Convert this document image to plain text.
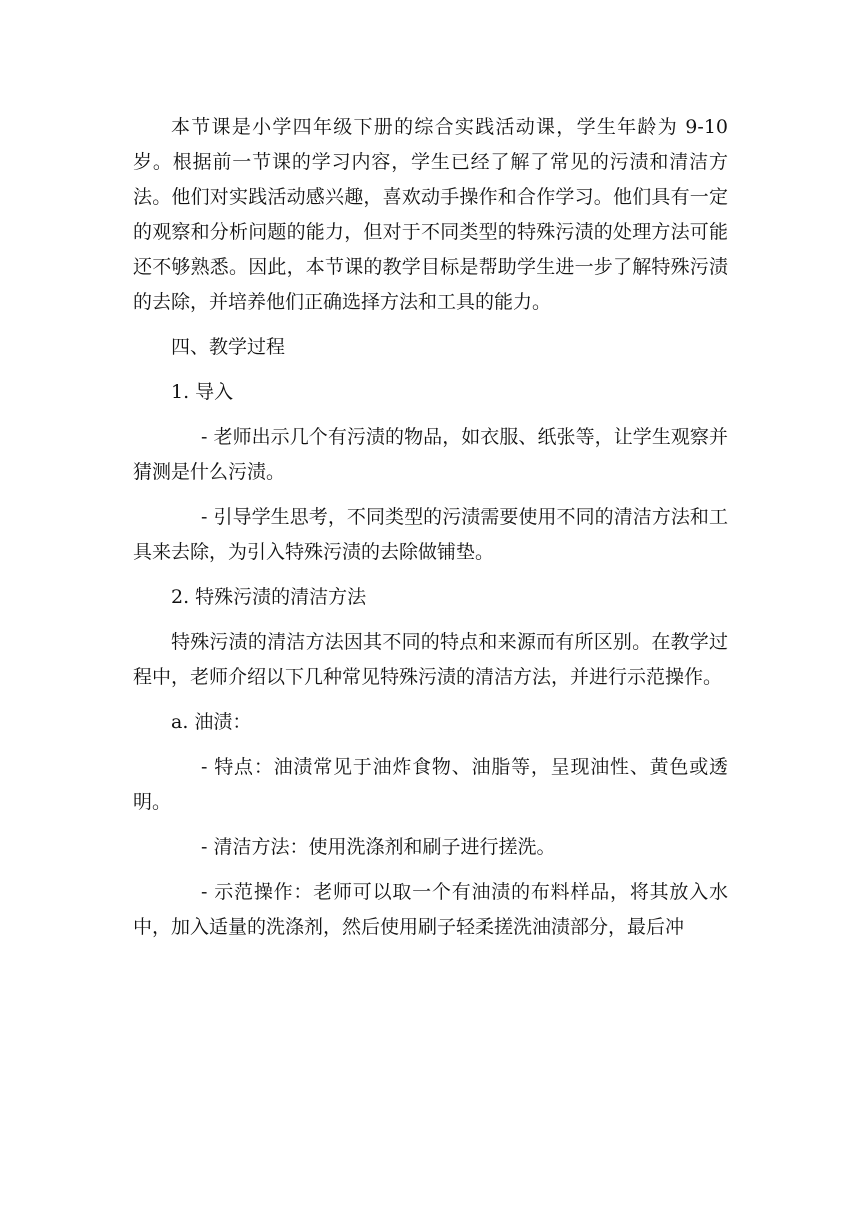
本节课是小学四年级下册的综合实践活动课，学生年龄为 9-10 岁。根据前一节课的学习内容，学生已经了解了常见的污渍和清洁方法。他们对实践活动感兴趣，喜欢动手操作和合作学习。他们具有一定的观察和分析问题的能力，但对于不同类型的特殊污渍的处理方法可能还不够熟悉。因此，本节课的教学目标是帮助学生进一步了解特殊污渍的去除，并培养他们正确选择方法和工具的能力。

四、教学过程

1. 导入

- 老师出示几个有污渍的物品，如衣服、纸张等，让学生观察并猜测是什么污渍。

- 引导学生思考，不同类型的污渍需要使用不同的清洁方法和工具来去除，为引入特殊污渍的去除做铺垫。

2. 特殊污渍的清洁方法

特殊污渍的清洁方法因其不同的特点和来源而有所区别。在教学过程中，老师介绍以下几种常见特殊污渍的清洁方法，并进行示范操作。

a. 油渍：

- 特点：油渍常见于油炸食物、油脂等，呈现油性、黄色或透明。

- 清洁方法：使用洗涤剂和刷子进行搓洗。

- 示范操作：老师可以取一个有油渍的布料样品，将其放入水中，加入适量的洗涤剂，然后使用刷子轻柔搓洗油渍部分，最后冲
